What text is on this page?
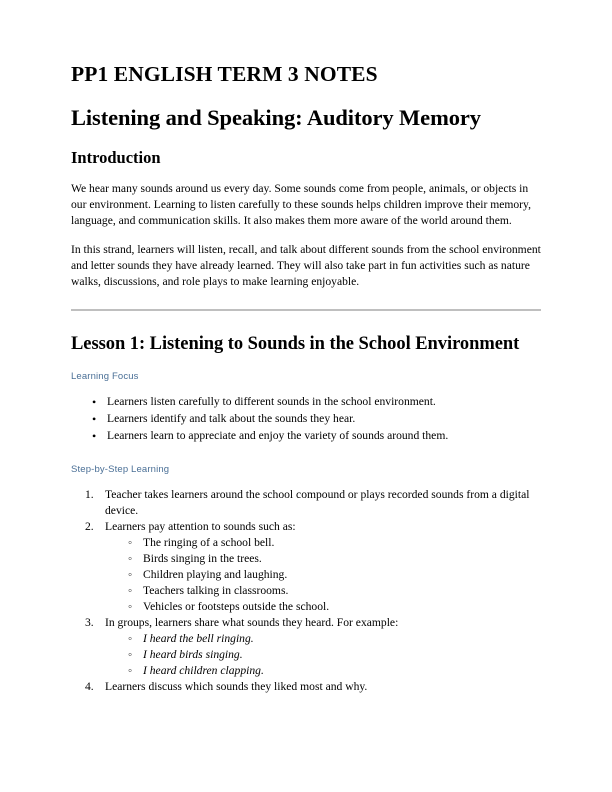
PP1 ENGLISH TERM 3 NOTES
Listening and Speaking: Auditory Memory
Introduction

We hear many sounds around us every day. Some sounds come from people, animals, or objects in our environment. Learning to listen carefully to these sounds helps children improve their memory, language, and communication skills. It also makes them more aware of the world around them.

In this strand, learners will listen, recall, and talk about different sounds from the school environment and letter sounds they have already learned. They will also take part in fun activities such as nature walks, discussions, and role plays to make learning enjoyable.

Lesson 1: Listening to Sounds in the School Environment
Learning Focus
• Learners listen carefully to different sounds in the school environment.
• Learners identify and talk about the sounds they hear.
• Learners learn to appreciate and enjoy the variety of sounds around them.
Step-by-Step Learning
Teacher takes learners around the school compound or plays recorded sounds from a digital device.
Learners pay attention to sounds such as:
◦ The ringing of a school bell.
◦ Birds singing in the trees.
◦ Children playing and laughing.
◦ Teachers talking in classrooms.
◦ Vehicles or footsteps outside the school.
In groups, learners share what sounds they heard. For example:
◦ I heard the bell ringing.
◦ I heard birds singing.
◦ I heard children clapping.
Learners discuss which sounds they liked most and why.
